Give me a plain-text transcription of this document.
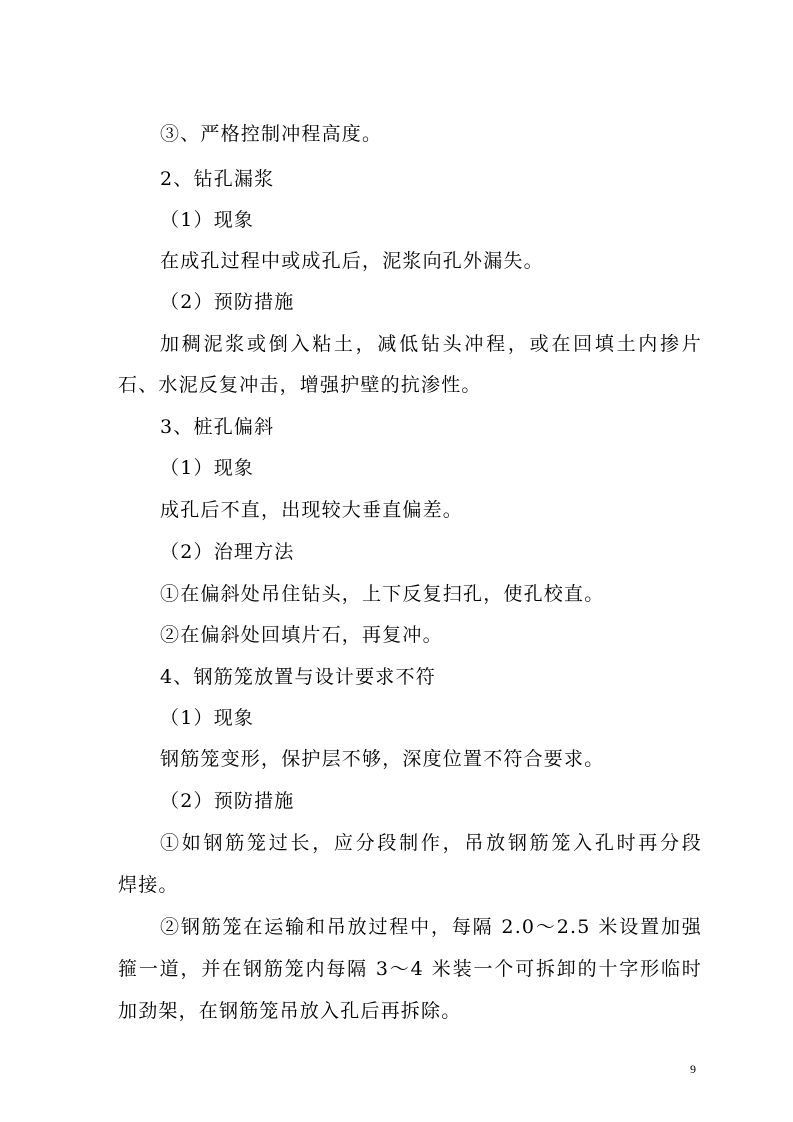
③、严格控制冲程高度。
2、钻孔漏浆
（1）现象
在成孔过程中或成孔后，泥浆向孔外漏失。
（2）预防措施
加稠泥浆或倒入粘土，减低钻头冲程，或在回填土内掺片
石、水泥反复冲击，增强护壁的抗渗性。
3、桩孔偏斜
（1）现象
成孔后不直，出现较大垂直偏差。
（2）治理方法
①在偏斜处吊住钻头，上下反复扫孔，使孔校直。
②在偏斜处回填片石，再复冲。
4、钢筋笼放置与设计要求不符
（1）现象
钢筋笼变形，保护层不够，深度位置不符合要求。
（2）预防措施
①如钢筋笼过长，应分段制作，吊放钢筋笼入孔时再分段
焊接。
②钢筋笼在运输和吊放过程中，每隔 2.0～2.5 米设置加强
箍一道，并在钢筋笼内每隔 3～4 米装一个可拆卸的十字形临时
加劲架，在钢筋笼吊放入孔后再拆除。
9
